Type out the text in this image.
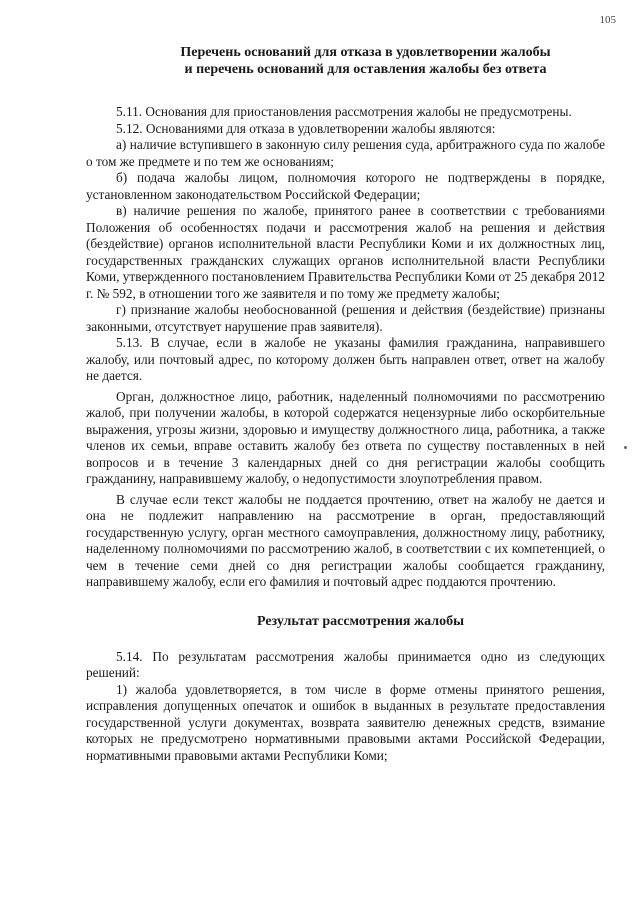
105
Перечень оснований для отказа в удовлетворении жалобы
и перечень оснований для оставления жалобы без ответа

5.11. Основания для приостановления рассмотрения жалобы не предусмотрены.

5.12. Основаниями для отказа в удовлетворении жалобы являются:

а) наличие вступившего в законную силу решения суда, арбитражного суда по жалобе о том же предмете и по тем же основаниям;

б) подача жалобы лицом, полномочия которого не подтверждены в порядке, установленном законодательством Российской Федерации;

в) наличие решения по жалобе, принятого ранее в соответствии с требованиями Положения об особенностях подачи и рассмотрения жалоб на решения и действия (бездействие) органов исполнительной власти Республики Коми и их должностных лиц, государственных гражданских служащих органов исполнительной власти Республики Коми, утвержденного постановлением Правительства Республики Коми от 25 декабря 2012 г. № 592, в отношении того же заявителя и по тому же предмету жалобы;

г) признание жалобы необоснованной (решения и действия (бездействие) признаны законными, отсутствует нарушение прав заявителя).

5.13. В случае, если в жалобе не указаны фамилия гражданина, направившего жалобу, или почтовый адрес, по которому должен быть направлен ответ, ответ на жалобу не дается.

Орган, должностное лицо, работник, наделенный полномочиями по рассмотрению жалоб, при получении жалобы, в которой содержатся нецензурные либо оскорбительные выражения, угрозы жизни, здоровью и имуществу должностного лица, работника, а также членов их семьи, вправе оставить жалобу без ответа по существу поставленных в ней вопросов и в течение 3 календарных дней со дня регистрации жалобы сообщить гражданину, направившему жалобу, о недопустимости злоупотребления правом.

В случае если текст жалобы не поддается прочтению, ответ на жалобу не дается и она не подлежит направлению на рассмотрение в орган, предоставляющий государственную услугу, орган местного самоуправления, должностному лицу, работнику, наделенному полномочиями по рассмотрению жалоб, в соответствии с их компетенцией, о чем в течение семи дней со дня регистрации жалобы сообщается гражданину, направившему жалобу, если его фамилия и почтовый адрес поддаются прочтению.

Результат рассмотрения жалобы

5.14. По результатам рассмотрения жалобы принимается одно из следующих решений:

1) жалоба удовлетворяется, в том числе в форме отмены принятого решения, исправления допущенных опечаток и ошибок в выданных в результате предоставления государственной услуги документах, возврата заявителю денежных средств, взимание которых не предусмотрено нормативными правовыми актами Российской Федерации, нормативными правовыми актами Республики Коми;
